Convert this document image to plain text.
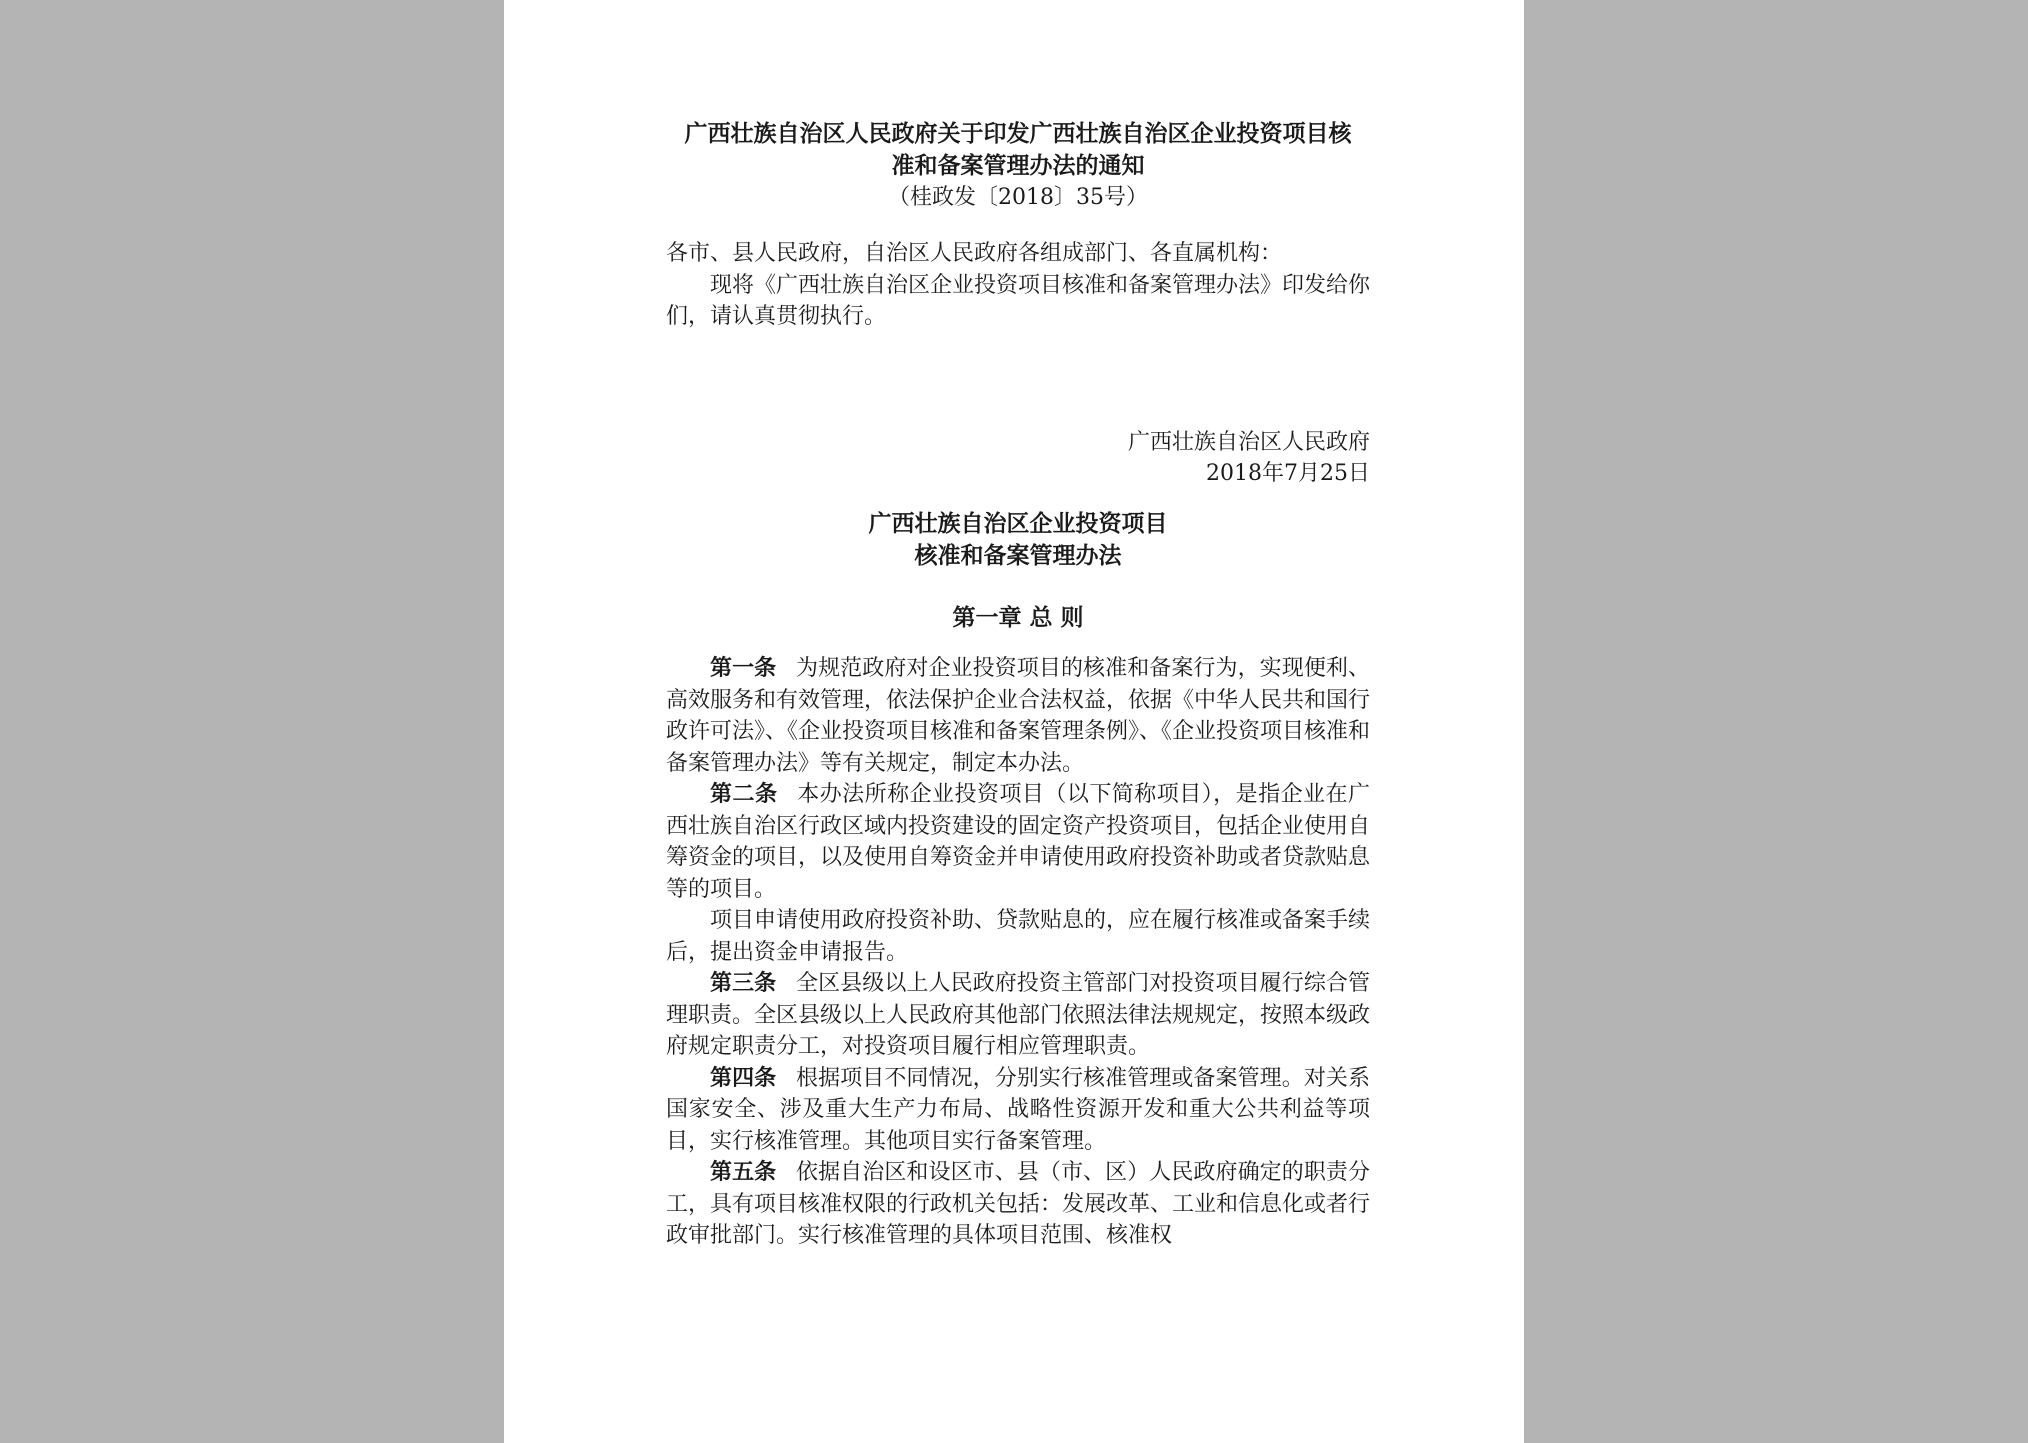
广西壮族自治区人民政府关于印发广西壮族自治区企业投资项目核
准和备案管理办法的通知
（桂政发〔2018〕35号）
各市、县人民政府，自治区人民政府各组成部门、各直属机构：
现将《广西壮族自治区企业投资项目核准和备案管理办法》印发给你们，请认真贯彻执行。
广西壮族自治区人民政府
2018年7月25日
广西壮族自治区企业投资项目
核准和备案管理办法
第一章 总 则
第一条 为规范政府对企业投资项目的核准和备案行为，实现便利、高效服务和有效管理，依法保护企业合法权益，依据《中华人民共和国行政许可法》、《企业投资项目核准和备案管理条例》、《企业投资项目核准和备案管理办法》等有关规定，制定本办法。
第二条 本办法所称企业投资项目（以下简称项目），是指企业在广西壮族自治区行政区域内投资建设的固定资产投资项目，包括企业使用自筹资金的项目，以及使用自筹资金并申请使用政府投资补助或者贷款贴息等的项目。
项目申请使用政府投资补助、贷款贴息的，应在履行核准或备案手续后，提出资金申请报告。
第三条 全区县级以上人民政府投资主管部门对投资项目履行综合管理职责。全区县级以上人民政府其他部门依照法律法规规定，按照本级政府规定职责分工，对投资项目履行相应管理职责。
第四条 根据项目不同情况，分别实行核准管理或备案管理。对关系国家安全、涉及重大生产力布局、战略性资源开发和重大公共利益等项目，实行核准管理。其他项目实行备案管理。
第五条 依据自治区和设区市、县（市、区）人民政府确定的职责分工，具有项目核准权限的行政机关包括：发展改革、工业和信息化或者行政审批部门。实行核准管理的具体项目范围、核准权
